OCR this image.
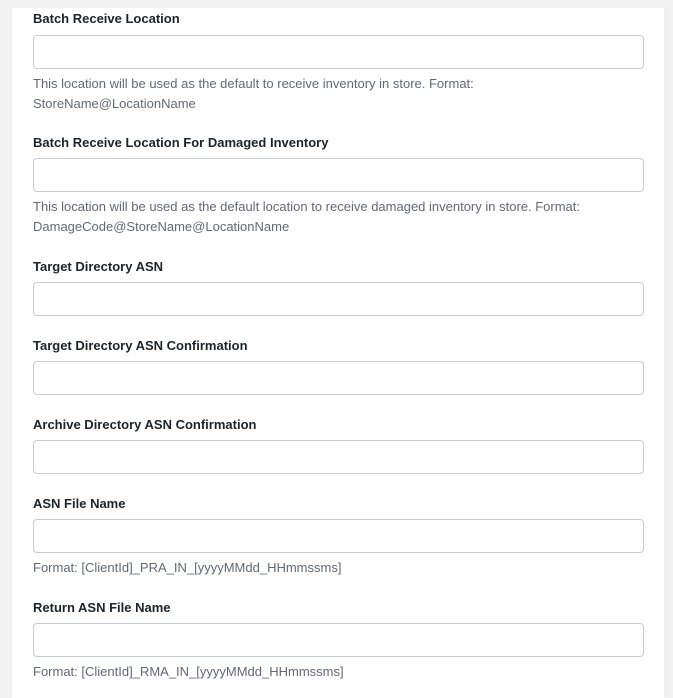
Batch Receive Location
This location will be used as the default to receive inventory in store. Format:
StoreName@LocationName
Batch Receive Location For Damaged Inventory
This location will be used as the default location to receive damaged inventory in store. Format:
DamageCode@StoreName@LocationName
Target Directory ASN
Target Directory ASN Confirmation
Archive Directory ASN Confirmation
ASN File Name
Format: [ClientId]_PRA_IN_[yyyyMMdd_HHmmssms]
Return ASN File Name
Format: [ClientId]_RMA_IN_[yyyyMMdd_HHmmssms]
